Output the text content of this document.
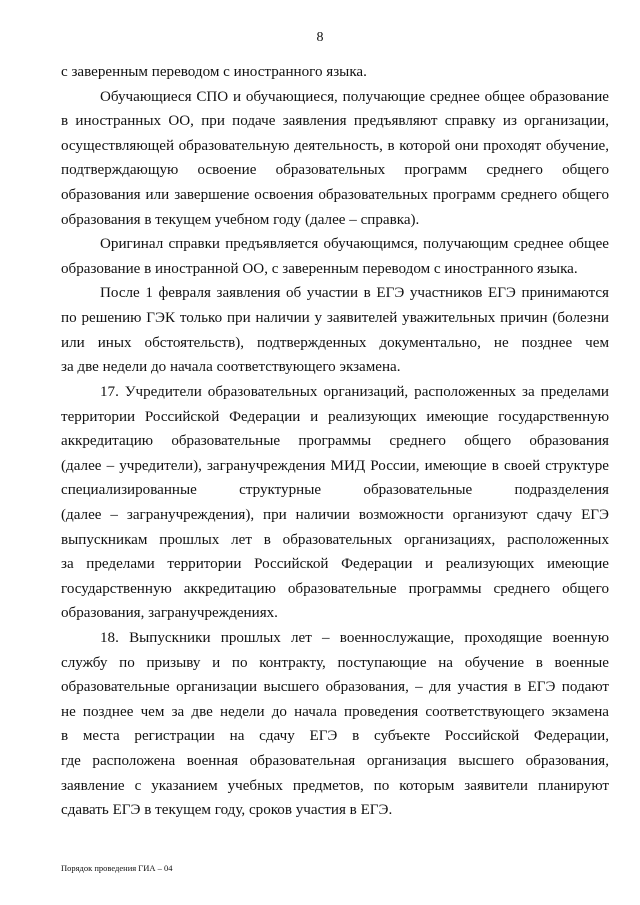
8
с заверенным переводом с иностранного языка.
Обучающиеся СПО и обучающиеся, получающие среднее общее образование
в иностранных ОО, при подаче заявления предъявляют справку из организации,
осуществляющей образовательную деятельность, в которой они проходят обучение,
подтверждающую освоение образовательных программ среднего общего
образования или завершение освоения образовательных программ среднего общего
образования в текущем учебном году (далее – справка).
Оригинал справки предъявляется обучающимся, получающим среднее общее
образование в иностранной ОО, с заверенным переводом с иностранного языка.
После 1 февраля заявления об участии в ЕГЭ участников ЕГЭ принимаются
по решению ГЭК только при наличии у заявителей уважительных причин (болезни
или иных обстоятельств), подтвержденных документально, не позднее чем
за две недели до начала соответствующего экзамена.
17. Учредители образовательных организаций, расположенных за пределами
территории Российской Федерации и реализующих имеющие государственную
аккредитацию образовательные программы среднего общего образования
(далее – учредители), загранучреждения МИД России, имеющие в своей структуре
специализированные структурные образовательные подразделения
(далее – загранучреждения), при наличии возможности организуют сдачу ЕГЭ
выпускникам прошлых лет в образовательных организациях, расположенных
за пределами территории Российской Федерации и реализующих имеющие
государственную аккредитацию образовательные программы среднего общего
образования, загранучреждениях.
18. Выпускники прошлых лет – военнослужащие, проходящие военную
службу по призыву и по контракту, поступающие на обучение в военные
образовательные организации высшего образования, – для участия в ЕГЭ подают
не позднее чем за две недели до начала проведения соответствующего экзамена
в места регистрации на сдачу ЕГЭ в субъекте Российской Федерации,
где расположена военная образовательная организация высшего образования,
заявление с указанием учебных предметов, по которым заявители планируют
сдавать ЕГЭ в текущем году, сроков участия в ЕГЭ.
Порядок проведения ГИА – 04
